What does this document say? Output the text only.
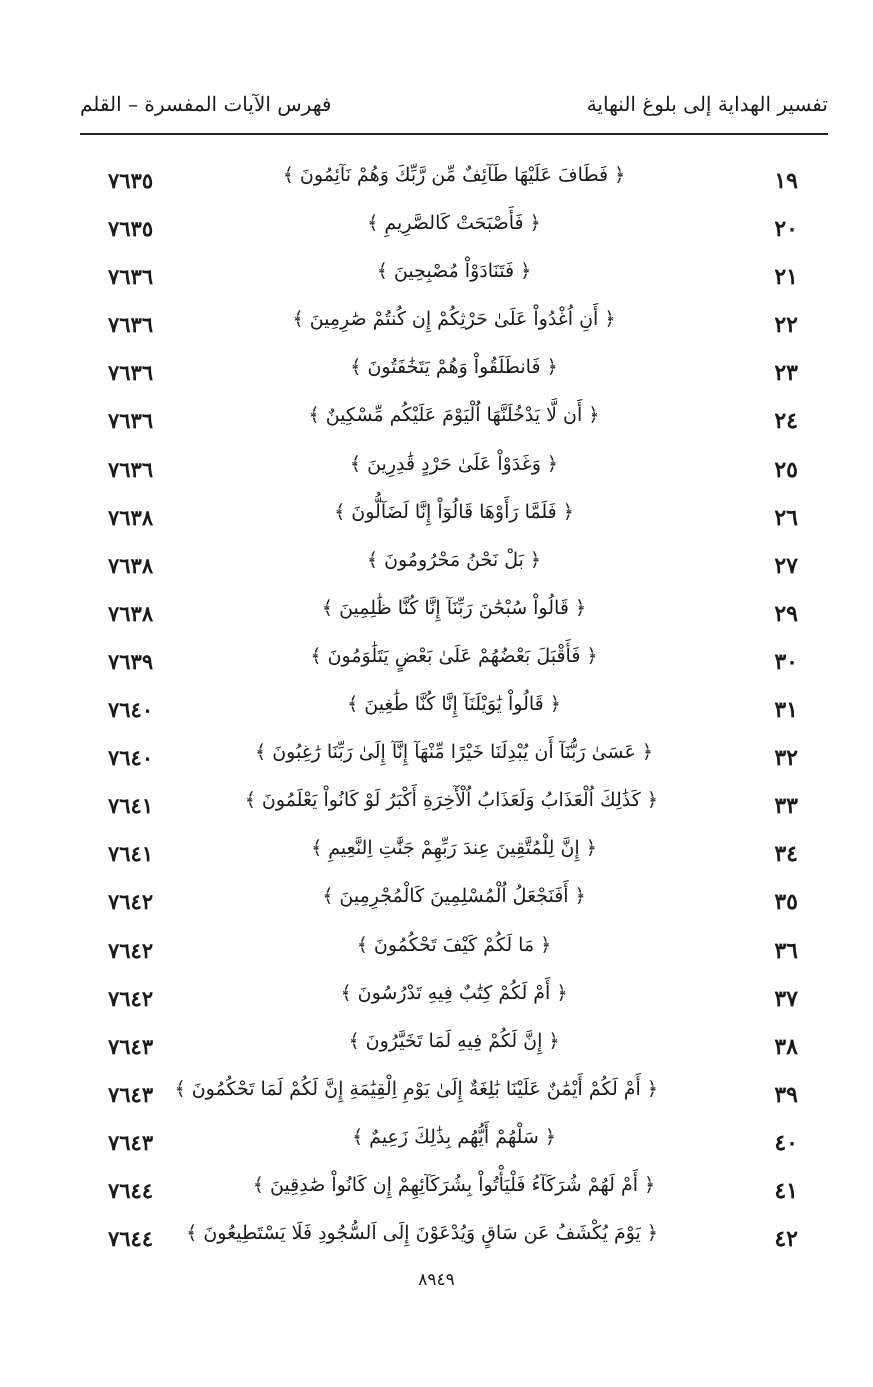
تفسير الهداية إلى بلوغ النهاية
فهرس الآيات المفسرة – القلم
١٩
﴿ فَطَافَ عَلَيْهَا طَآئِفٌ مِّن رَّبِّكَ وَهُمْ نَآئِمُونَ ﴾
٧٦٣٥
٢٠
﴿ فَأَصْبَحَتْ كَالصَّرِيمِ ﴾
٧٦٣٥
٢١
﴿ فَتَنَادَوْاْ مُصْبِحِينَ ﴾
٧٦٣٦
٢٢
﴿ أَنِ اُغْدُواْ عَلَىٰ حَرْثِكُمْ إِن كُنتُمْ صَٰرِمِينَ ﴾
٧٦٣٦
٢٣
﴿ فَانطَلَقُواْ وَهُمْ يَتَخَٰفَتُونَ ﴾
٧٦٣٦
٢٤
﴿ أَن لَّا يَدْخُلَنَّهَا اُلْيَوْمَ عَلَيْكُم مِّسْكِينٌ ﴾
٧٦٣٦
٢٥
﴿ وَغَدَوْاْ عَلَىٰ حَرْدٍ قَٰدِرِينَ ﴾
٧٦٣٦
٢٦
﴿ فَلَمَّا رَأَوْهَا قَالُوٓاْ إِنَّا لَضَآلُّونَ ﴾
٧٦٣٨
٢٧
﴿ بَلْ نَحْنُ مَحْرُومُونَ ﴾
٧٦٣٨
٢٩
﴿ قَالُواْ سُبْحَٰنَ رَبِّنَآ إِنَّا كُنَّا ظَٰلِمِينَ ﴾
٧٦٣٨
٣٠
﴿ فَأَقْبَلَ بَعْضُهُمْ عَلَىٰ بَعْضٍ يَتَلَٰوَمُونَ ﴾
٧٦٣٩
٣١
﴿ قَالُواْ يَٰوَيْلَنَآ إِنَّا كُنَّا طَٰغِينَ ﴾
٧٦٤٠
٣٢
﴿ عَسَىٰ رَبُّنَآ أَن يُبْدِلَنَا خَيْرًا مِّنْهَآ إِنَّآ إِلَىٰ رَبِّنَا رَٰغِبُونَ ﴾
٧٦٤٠
٣٣
﴿ كَذَٰلِكَ اُلْعَذَابُ وَلَعَذَابُ اُلْأٓخِرَةِ أَكْبَرُ لَوْ كَانُواْ يَعْلَمُونَ ﴾
٧٦٤١
٣٤
﴿ إِنَّ لِلْمُتَّقِينَ عِندَ رَبِّهِمْ جَنَّٰتِ اِلنَّعِيمِ ﴾
٧٦٤١
٣٥
﴿ أَفَنَجْعَلُ اُلْمُسْلِمِينَ كَالْمُجْرِمِينَ ﴾
٧٦٤٢
٣٦
﴿ مَا لَكُمْ كَيْفَ تَحْكُمُونَ ﴾
٧٦٤٢
٣٧
﴿ أَمْ لَكُمْ كِتَٰبٌ فِيهِ تَدْرُسُونَ ﴾
٧٦٤٢
٣٨
﴿ إِنَّ لَكُمْ فِيهِ لَمَا تَخَيَّرُونَ ﴾
٧٦٤٣
٣٩
﴿ أَمْ لَكُمْ أَيْمَٰنٌ عَلَيْنَا بَٰلِغَةٌ إِلَىٰ يَوْمِ اِلْقِيَٰمَةِ إِنَّ لَكُمْ لَمَا تَحْكُمُونَ ﴾
٧٦٤٣
٤٠
﴿ سَلْهُمْ أَيُّهُم بِذَٰلِكَ زَعِيمٌ ﴾
٧٦٤٣
٤١
﴿ أَمْ لَهُمْ شُرَكَآءُ فَلْيَأْتُواْ بِشُرَكَآئِهِمْ إِن كَانُواْ صَٰدِقِينَ ﴾
٧٦٤٤
٤٢
﴿ يَوْمَ يُكْشَفُ عَن سَاقٍ وَيُدْعَوْنَ إِلَى اَلسُّجُودِ فَلَا يَسْتَطِيعُونَ ﴾
٧٦٤٤
٨٩٤٩
